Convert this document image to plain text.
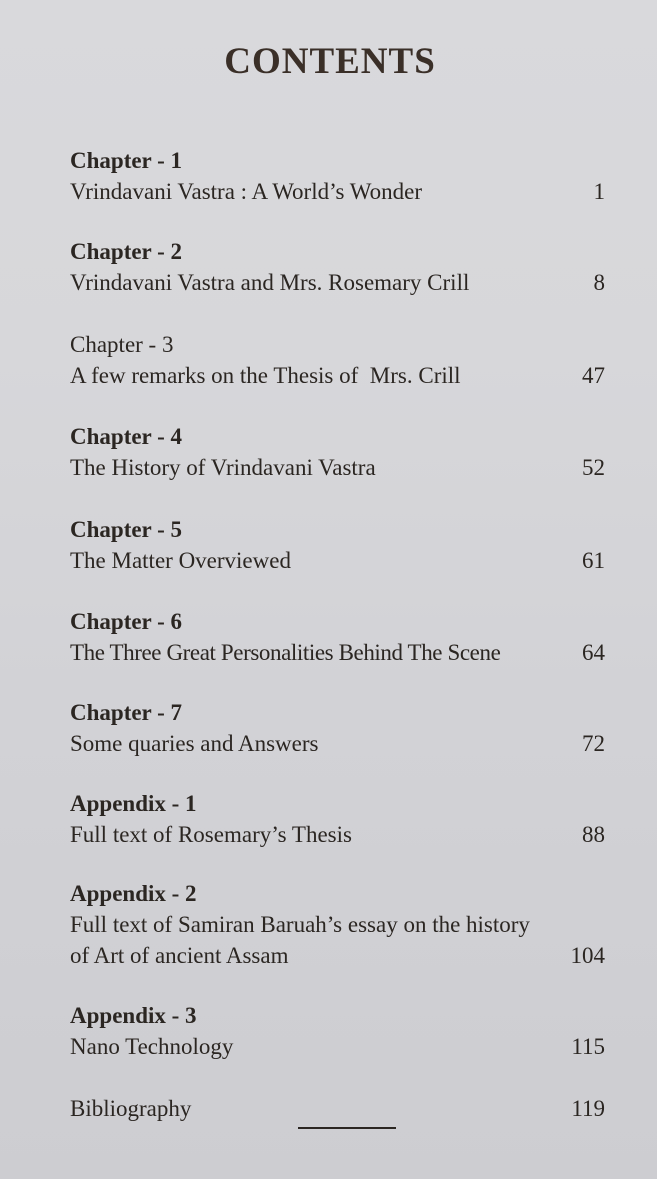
CONTENTS
Chapter - 1
Vrindavani Vastra : A World’s Wonder	1
Chapter - 2
Vrindavani Vastra and Mrs. Rosemary Crill	8
Chapter - 3
A few remarks on the Thesis of  Mrs. Crill	47
Chapter - 4
The History of Vrindavani Vastra	52
Chapter - 5
The Matter Overviewed	61
Chapter - 6
The Three Great Personalities Behind The Scene	64
Chapter - 7
Some quaries and Answers	72
Appendix - 1
Full text of Rosemary’s Thesis	88
Appendix - 2
Full text of Samiran Baruah’s essay on the history
of Art of ancient Assam	104
Appendix - 3
Nano Technology	115
Bibliography	119
